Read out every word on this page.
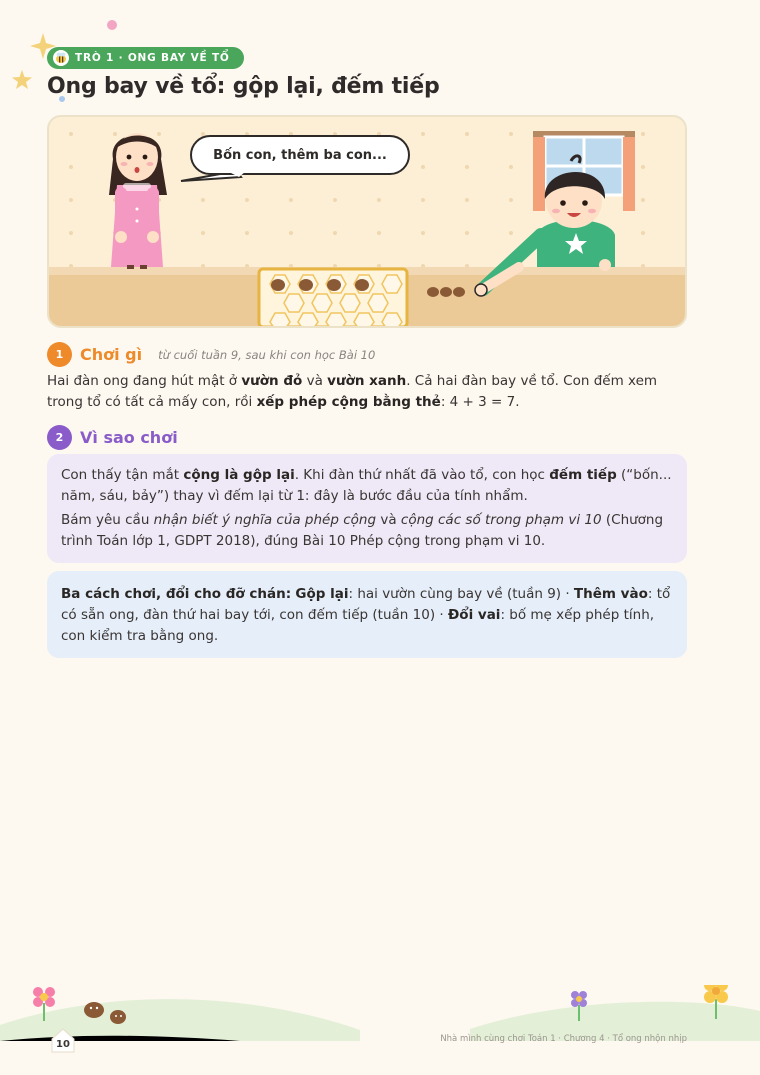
TRÒ 1 · ONG BAY VỀ TỔ
Ong bay về tổ: gộp lại, đếm tiếp
Bốn con, thêm ba con...
1	Chơi gì từ cuối tuần 9, sau khi con học Bài 10

Hai đàn ong đang hút mật ở vườn đỏ và vườn xanh. Cả hai đàn bay về tổ. Con đếm xem trong tổ có tất cả mấy con, rồi xếp phép cộng bằng thẻ: 4 + 3 = 7.

2	Vì sao chơi

Con thấy tận mắt cộng là gộp lại. Khi đàn thứ nhất đã vào tổ, con học đếm tiếp (“bốn... năm, sáu, bảy”) thay vì đếm lại từ 1: đây là bước đầu của tính nhẩm.

Bám yêu cầu nhận biết ý nghĩa của phép cộng và cộng các số trong phạm vi 10 (Chương trình Toán lớp 1, GDPT 2018), đúng Bài 10 Phép cộng trong phạm vi 10.

Ba cách chơi, đổi cho đỡ chán: Gộp lại: hai vườn cùng bay về (tuần 9) · Thêm vào: tổ có sẵn ong, đàn thứ hai bay tới, con đếm tiếp (tuần 10) · Đổi vai: bố mẹ xếp phép tính, con kiểm tra bằng ong.

10	Nhà mình cùng chơi Toán 1 · Chương 4 · Tổ ong nhộn nhịp
